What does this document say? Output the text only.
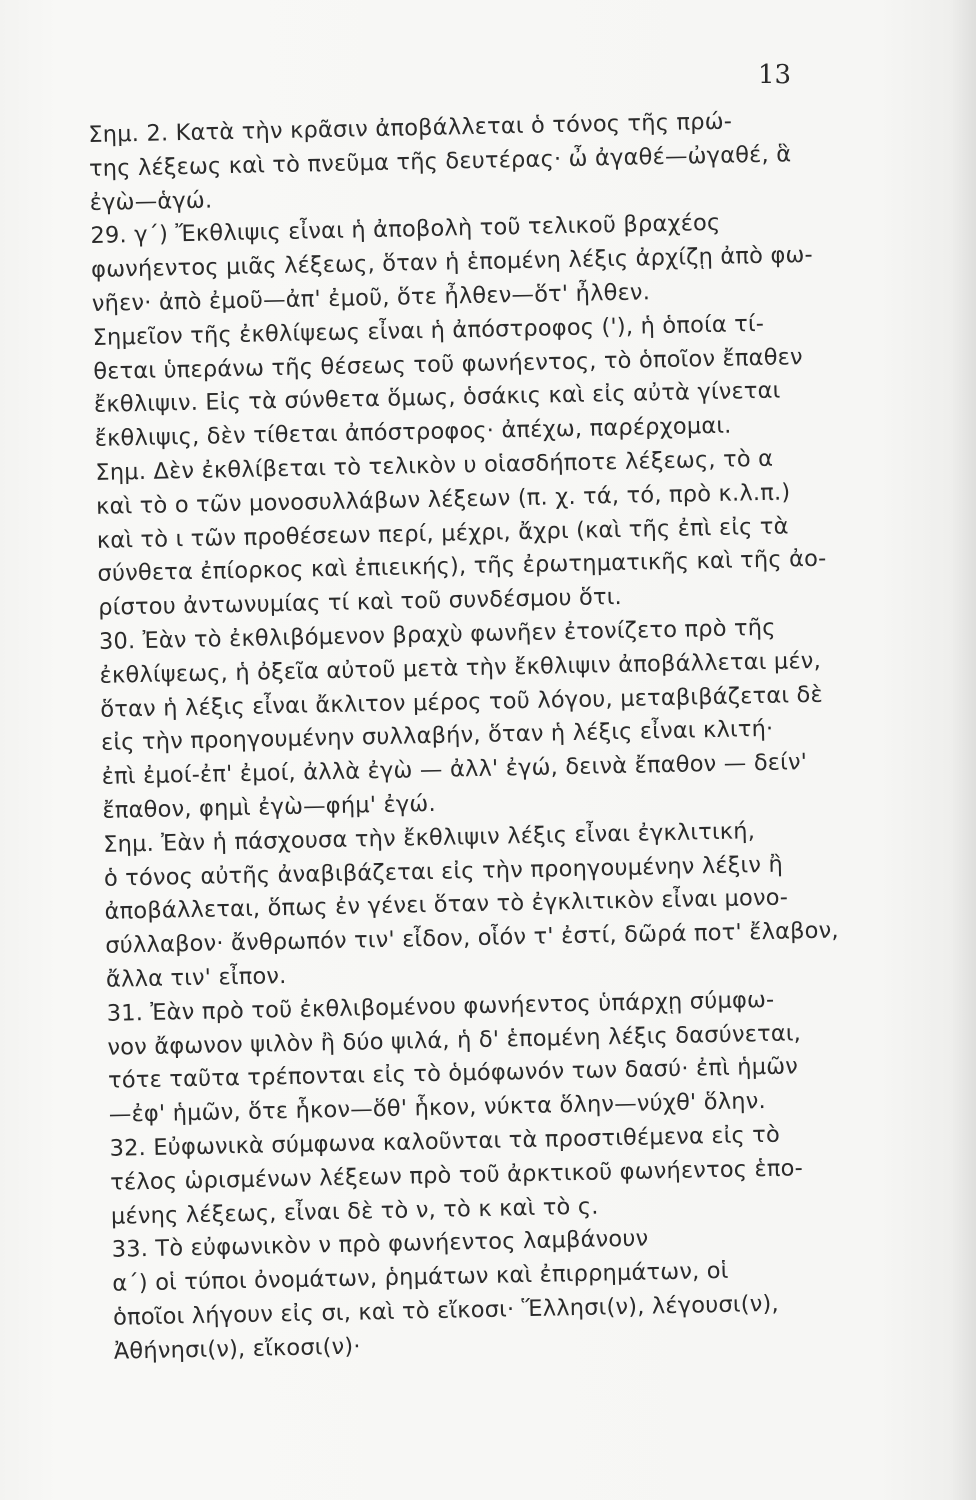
13
Σημ. 2. Κατὰ τὴν κρᾶσιν ἀποβάλλεται ὁ τόνος τῆς πρώ-
της λέξεως καὶ τὸ πνεῦμα τῆς δευτέρας· ὦ ἀγαθέ—ὠγαθέ, ἃ
ἐγὼ—ἁγώ.
29. γ΄) Ἔκθλιψις εἶναι ἡ ἀποβολὴ τοῦ τελικοῦ βραχέος
φωνήεντος μιᾶς λέξεως, ὅταν ἡ ἑπομένη λέξις ἀρχίζῃ ἀπὸ φω-
νῆεν· ἀπὸ ἐμοῦ—ἀπ' ἐμοῦ, ὅτε ἦλθεν—ὅτ' ἦλθεν.
Σημεῖον τῆς ἐκθλίψεως εἶναι ἡ ἀπόστροφος ('), ἡ ὁποία τί-
θεται ὑπεράνω τῆς θέσεως τοῦ φωνήεντος, τὸ ὁποῖον ἔπαθεν
ἔκθλιψιν. Εἰς τὰ σύνθετα ὅμως, ὁσάκις καὶ εἰς αὐτὰ γίνεται
ἔκθλιψις, δὲν τίθεται ἀπόστροφος· ἀπέχω, παρέρχομαι.
Σημ. Δὲν ἐκθλίβεται τὸ τελικὸν υ οἱασδήποτε λέξεως, τὸ α
καὶ τὸ ο τῶν μονοσυλλάβων λέξεων (π. χ. τά, τό, πρὸ κ.λ.π.)
καὶ τὸ ι τῶν προθέσεων περί, μέχρι, ἄχρι (καὶ τῆς ἐπὶ εἰς τὰ
σύνθετα ἐπίορκος καὶ ἐπιεικής), τῆς ἐρωτηματικῆς καὶ τῆς ἀο-
ρίστου ἀντωνυμίας τί καὶ τοῦ συνδέσμου ὅτι.
30. Ἐὰν τὸ ἐκθλιβόμενον βραχὺ φωνῆεν ἐτονίζετο πρὸ τῆς
ἐκθλίψεως, ἡ ὀξεῖα αὐτοῦ μετὰ τὴν ἔκθλιψιν ἀποβάλλεται μέν,
ὅταν ἡ λέξις εἶναι ἄκλιτον μέρος τοῦ λόγου, μεταβιβάζεται δὲ
εἰς τὴν προηγουμένην συλλαβήν, ὅταν ἡ λέξις εἶναι κλιτή·
ἐπὶ ἐμοί-ἐπ' ἐμοί, ἀλλὰ ἐγὼ — ἀλλ' ἐγώ, δεινὰ ἔπαθον — δείν'
ἔπαθον, φημὶ ἐγὼ—φήμ' ἐγώ.
Σημ. Ἐὰν ἡ πάσχουσα τὴν ἔκθλιψιν λέξις εἶναι ἐγκλιτική,
ὁ τόνος αὐτῆς ἀναβιβάζεται εἰς τὴν προηγουμένην λέξιν ἢ
ἀποβάλλεται, ὅπως ἐν γένει ὅταν τὸ ἐγκλιτικὸν εἶναι μονο-
σύλλαβον· ἄνθρωπόν τιν' εἶδον, οἷόν τ' ἐστί, δῶρά ποτ' ἔλαβον,
ἄλλα τιν' εἶπον.
31. Ἐὰν πρὸ τοῦ ἐκθλιβομένου φωνήεντος ὑπάρχῃ σύμφω-
νον ἄφωνον ψιλὸν ἢ δύο ψιλά, ἡ δ' ἑπομένη λέξις δασύνεται,
τότε ταῦτα τρέπονται εἰς τὸ ὁμόφωνόν των δασύ· ἐπὶ ἡμῶν
—ἐφ' ἡμῶν, ὅτε ἧκον—ὅθ' ἧκον, νύκτα ὅλην—νύχθ' ὅλην.
32. Εὐφωνικὰ σύμφωνα καλοῦνται τὰ προστιθέμενα εἰς τὸ
τέλος ὡρισμένων λέξεων πρὸ τοῦ ἀρκτικοῦ φωνήεντος ἑπο-
μένης λέξεως, εἶναι δὲ τὸ ν, τὸ κ καὶ τὸ ς.
33. Τὸ εὐφωνικὸν ν πρὸ φωνήεντος λαμβάνουν
α΄) οἱ τύποι ὀνομάτων, ῥημάτων καὶ ἐπιρρημάτων, οἱ
ὁποῖοι λήγουν εἰς σι, καὶ τὸ εἴκοσι· Ἕλλησι(ν), λέγουσι(ν),
Ἀθήνησι(ν), εἴκοσι(ν)·
